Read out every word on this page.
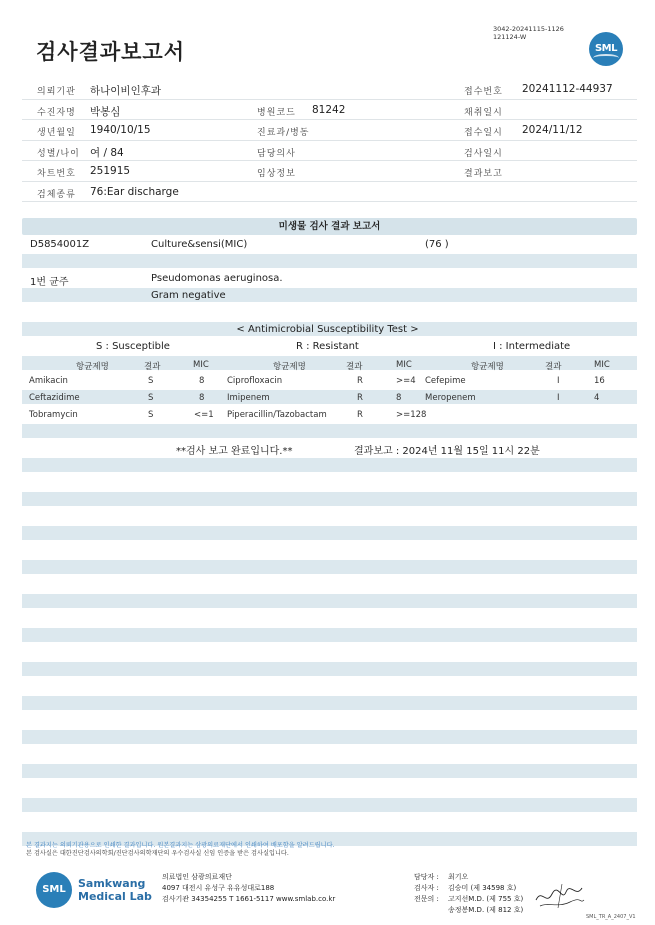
검사결과보고서
3042-20241115-1126
121124-W
SML
의뢰기관 하나이비인후과	접수번호 20241112-44937
수진자명 박봉심	병원코드 81242	채취일시
생년월일 1940/10/15	진료과/병동	접수일시 2024/11/12
성별/나이 여 / 84	담당의사	검사일시
차트번호 251915	임상정보	결과보고
검체종류 76:Ear discharge
미생물 검사 결과 보고서
D5854001Z	Culture&sensi(MIC)	(76 )
1번 균주	Pseudomonas aeruginosa.
Gram negative
< Antimicrobial Susceptibility Test >
S : Susceptible	R : Resistant	I : Intermediate
항균제명	결과	MIC	항균제명	결과	MIC	항균제명	결과	MIC
Amikacin	S	8	Ciprofloxacin	R	>=4 Cefepime	I	16
Ceftazidime	S	8	Imipenem	R	8	Meropenem	I	4
Tobramycin	S	<=1 Piperacillin/Tazobactam	R	>=128
**검사 보고 완료입니다.**	결과보고 : 2024년 11월 15일 11시 22분
본 결과지는 의뢰기관용으로 인쇄한 결과입니다. 원본결과지는 삼광의료재단에서 인쇄하여 배포함을 알려드립니다.
본 검사실은 대한진단검사의학회/진단검사의학재단의 우수검사실 신임 인증을 받은 검사실입니다.
SML	Samkwang
Medical Lab
의료법인 삼광의료재단
4097 대전시 유성구 유유성대로188
검사기관 34354255 T 1661-5117 www.smlab.co.kr
담당자 : 최기오
검사자 : 김승미 (제 34598 호)
전문의 : 고지선M.D. (제 755 호)
송정봉M.D. (제 812 호)
SML_TR_A_2407_V1
